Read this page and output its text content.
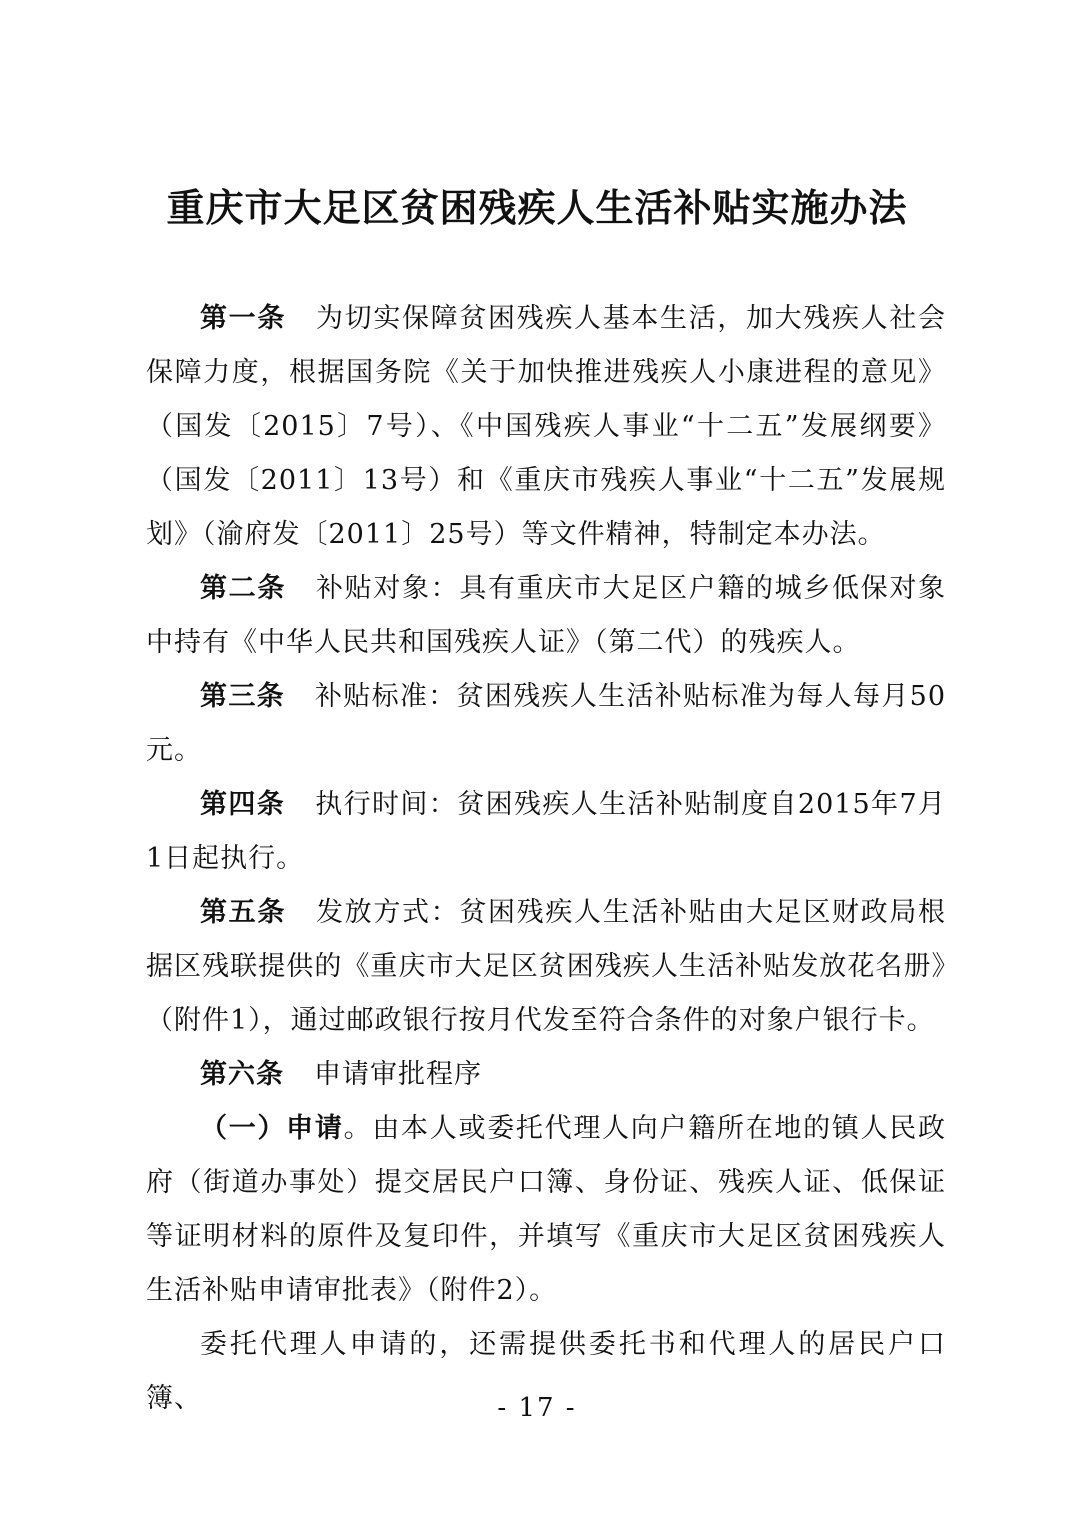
重庆市大足区贫困残疾人生活补贴实施办法

第一条 为切实保障贫困残疾人基本生活，加大残疾人社会保障力度，根据国务院《关于加快推进残疾人小康进程的意见》（国发〔2015〕7号）、《中国残疾人事业“十二五”发展纲要》（国发〔2011〕13号）和《重庆市残疾人事业“十二五”发展规划》（渝府发〔2011〕25号）等文件精神，特制定本办法。

第二条 补贴对象：具有重庆市大足区户籍的城乡低保对象中持有《中华人民共和国残疾人证》（第二代）的残疾人。

第三条 补贴标准：贫困残疾人生活补贴标准为每人每月50元。

第四条 执行时间：贫困残疾人生活补贴制度自2015年7月1日起执行。

第五条 发放方式：贫困残疾人生活补贴由大足区财政局根据区残联提供的《重庆市大足区贫困残疾人生活补贴发放花名册》（附件1），通过邮政银行按月代发至符合条件的对象户银行卡。

第六条 申请审批程序

（一）申请。由本人或委托代理人向户籍所在地的镇人民政府（街道办事处）提交居民户口簿、身份证、残疾人证、低保证等证明材料的原件及复印件，并填写《重庆市大足区贫困残疾人生活补贴申请审批表》（附件2）。

委托代理人申请的，还需提供委托书和代理人的居民户口簿、	- 17 -
